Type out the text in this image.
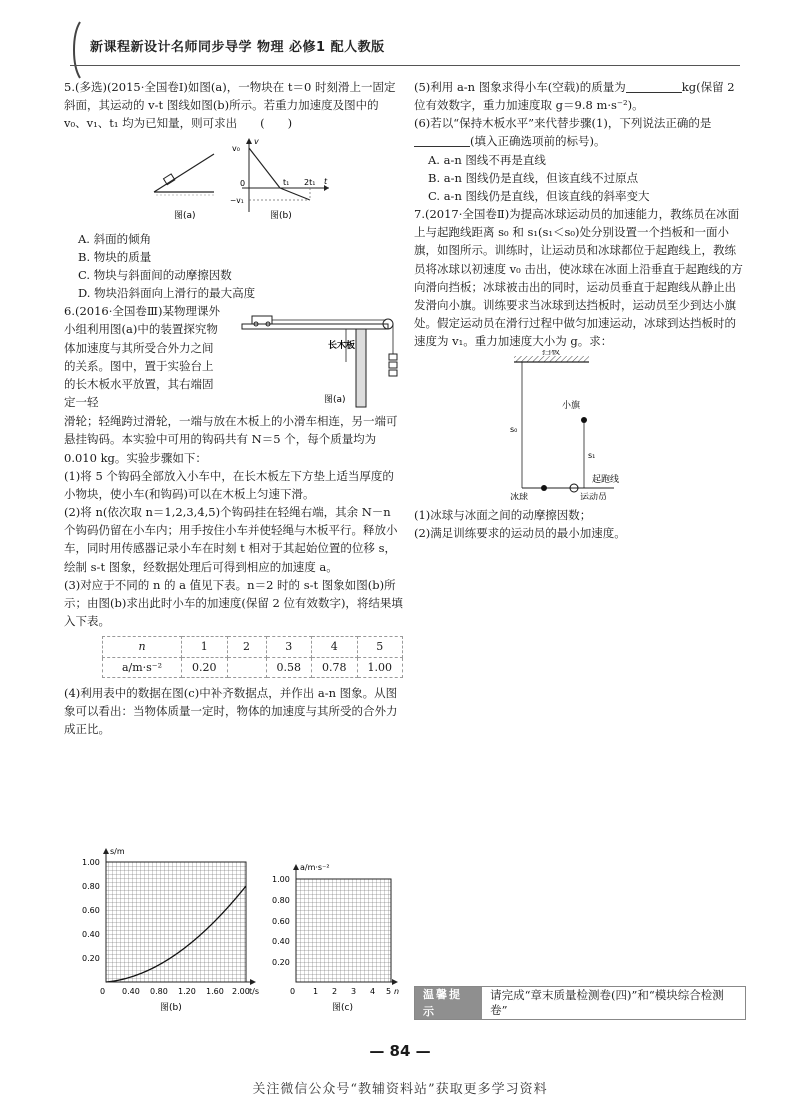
新课程新设计名师同步导学 物理 必修1 配人教版

5.(多选)(2015·全国卷Ⅰ)如图(a)，一物块在 t＝0 时刻滑上一固定斜面，其运动的 v-t 图线如图(b)所示。若重力加速度及图中的 v₀、v₁、t₁ 均为已知量，则可求出　　(　　)

图(a)
v
t
v₀
0
−v₁
t₁ 2t₁
图(b)

A. 斜面的倾角

B. 物块的质量

C. 物块与斜面间的动摩擦因数

D. 物块沿斜面向上滑行的最大高度

6.(2016·全国卷Ⅲ)某物理课外小组利用图(a)中的装置探究物体加速度与其所受合外力之间的关系。图中，置于实验台上的长木板水平放置，其右端固定一轻

长木板
图(a)

滑轮；轻绳跨过滑轮，一端与放在木板上的小滑车相连，另一端可悬挂钩码。本实验中可用的钩码共有 N＝5 个，每个质量均为 0.010 kg。实验步骤如下：

(1)将 5 个钩码全部放入小车中，在长木板左下方垫上适当厚度的小物块，使小车(和钩码)可以在木板上匀速下滑。

(2)将 n(依次取 n＝1,2,3,4,5)个钩码挂在轻绳右端，其余 N－n 个钩码仍留在小车内；用手按住小车并使轻绳与木板平行。释放小车，同时用传感器记录小车在时刻 t 相对于其起始位置的位移 s，绘制 s-t 图象，经数据处理后可得到相应的加速度 a。

(3)对应于不同的 n 的 a 值见下表。n＝2 时的 s-t 图象如图(b)所示；由图(b)求出此时小车的加速度(保留 2 位有效数字)，将结果填入下表。

n	1	2	3	4	5
a/m·s⁻²	0.20		0.58	0.78	1.00

(4)利用表中的数据在图(c)中补齐数据点，并作出 a-n 图象。从图象可以看出：当物体质量一定时，物体的加速度与其所受的合外力成正比。

s/m
t/s
1.00
0.80
0.60
0.40
0.20
0 0.40 0.80 1.20 1.60 2.00
图(b)
a/m·s⁻²
n
1.00
0.80
0.60
0.40
0.20
0 1 2 3 4 5
图(c)

(5)利用 a-n 图象求得小车(空载)的质量为	kg(保留 2 位有效数字，重力加速度取 g＝9.8 m·s⁻²)。

(6)若以“保持木板水平”来代替步骤(1)，下列说法正确的是(填入正确选项前的标号)。

A. a-n 图线不再是直线

B. a-n 图线仍是直线，但该直线不过原点

C. a-n 图线仍是直线，但该直线的斜率变大

7.(2017·全国卷Ⅱ)为提高冰球运动员的加速能力，教练员在冰面上与起跑线距离 s₀ 和 s₁(s₁＜s₀)处分别设置一个挡板和一面小旗，如图所示。训练时，让运动员和冰球都位于起跑线上，教练员将冰球以初速度 v₀ 击出，使冰球在冰面上沿垂直于起跑线的方向滑向挡板；冰球被击出的同时，运动员垂直于起跑线从静止出发滑向小旗。训练要求当冰球到达挡板时，运动员至少到达小旗处。假定运动员在滑行过程中做匀加速运动，冰球到达挡板时的速度为 v₁。重力加速度大小为 g。求：

挡板
s₀
小旗
s₁
起跑线
冰球	运动员

(1)冰球与冰面之间的动摩擦因数；

(2)满足训练要求的运动员的最小加速度。

温馨提示
请完成“章末质量检测卷(四)”和“模块综合检测卷”
— 84 —
关注微信公众号“教辅资料站”获取更多学习资料
